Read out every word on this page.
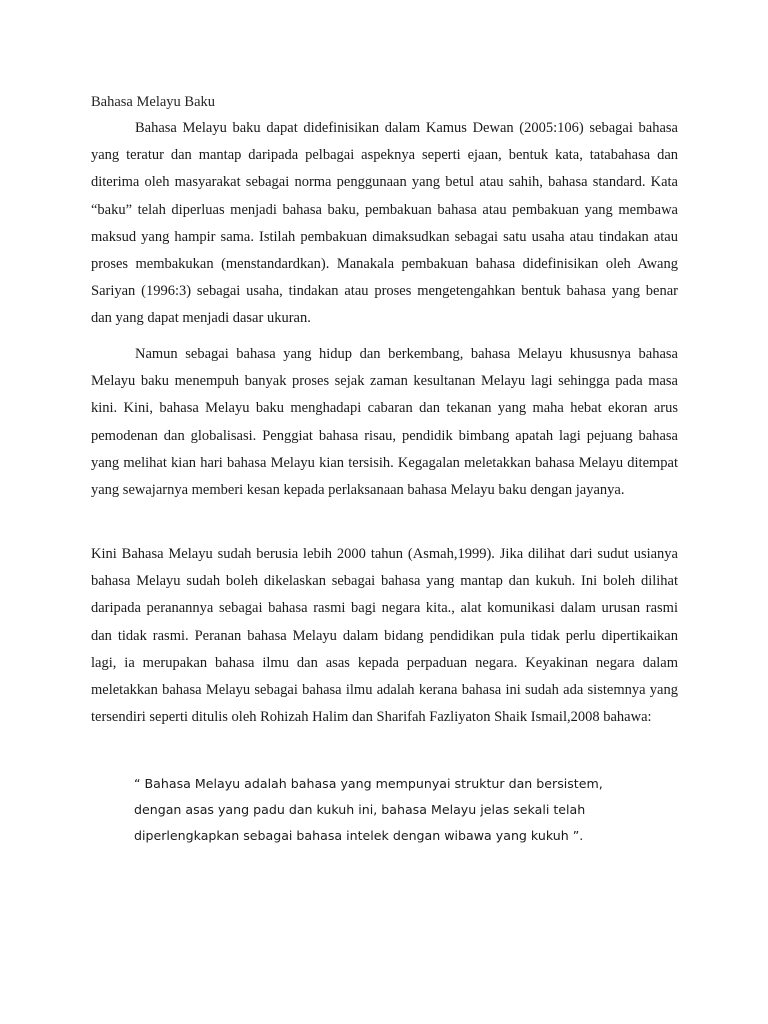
Bahasa Melayu Baku

Bahasa Melayu baku dapat didefinisikan dalam Kamus Dewan (2005:106) sebagai bahasa yang teratur dan mantap daripada pelbagai aspeknya seperti ejaan, bentuk kata, tatabahasa dan diterima oleh masyarakat sebagai norma penggunaan yang betul atau sahih, bahasa standard. Kata “baku” telah diperluas menjadi bahasa baku, pembakuan bahasa atau pembakuan yang membawa maksud yang hampir sama. Istilah pembakuan dimaksudkan sebagai satu usaha atau tindakan atau proses membakukan (menstandardkan). Manakala pembakuan bahasa didefinisikan oleh Awang Sariyan (1996:3) sebagai usaha, tindakan atau proses mengetengahkan bentuk bahasa yang benar dan yang dapat menjadi dasar ukuran.

Namun sebagai bahasa yang hidup dan berkembang, bahasa Melayu khususnya bahasa Melayu baku menempuh banyak proses sejak zaman kesultanan Melayu lagi sehingga pada masa kini. Kini, bahasa Melayu baku menghadapi cabaran dan tekanan yang maha hebat ekoran arus pemodenan dan globalisasi. Penggiat bahasa risau, pendidik bimbang apatah lagi pejuang bahasa yang melihat kian hari bahasa Melayu kian tersisih. Kegagalan meletakkan bahasa Melayu ditempat yang sewajarnya memberi kesan kepada perlaksanaan bahasa Melayu baku dengan jayanya.

Kini Bahasa Melayu sudah berusia lebih 2000 tahun (Asmah,1999). Jika dilihat dari sudut usianya bahasa Melayu sudah boleh dikelaskan sebagai bahasa yang mantap dan kukuh. Ini boleh dilihat daripada peranannya sebagai bahasa rasmi bagi negara kita., alat komunikasi dalam urusan rasmi dan tidak rasmi. Peranan bahasa Melayu dalam bidang pendidikan pula tidak perlu dipertikaikan lagi, ia merupakan bahasa ilmu dan asas kepada perpaduan negara. Keyakinan negara dalam meletakkan bahasa Melayu sebagai bahasa ilmu adalah kerana bahasa ini sudah ada sistemnya yang tersendiri seperti ditulis oleh Rohizah Halim dan Sharifah Fazliyaton Shaik Ismail,2008 bahawa:

“ Bahasa Melayu adalah bahasa yang mempunyai struktur dan bersistem, dengan asas yang padu dan kukuh ini, bahasa Melayu jelas sekali telah diperlengkapkan sebagai bahasa intelek dengan wibawa yang kukuh ”.
